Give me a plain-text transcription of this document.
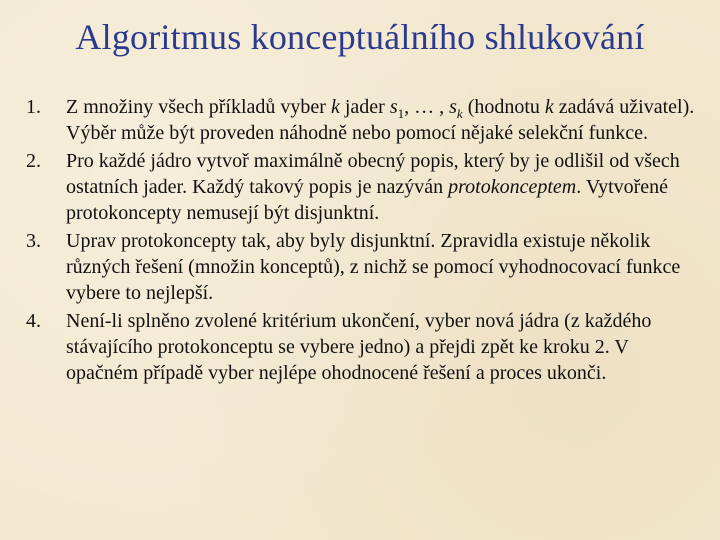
Algoritmus konceptuálního shlukování
1.	Z množiny všech příkladů vyber k jader $s_1$, … , $s_k$ (hodnotu k zadává uživatel). Výběr může být proveden náhodně nebo pomocí nějaké selekční funkce.
2.	Pro každé jádro vytvoř maximálně obecný popis, který by je odlišil od všech ostatních jader. Každý takový popis je nazýván protokonceptem. Vytvořené protokoncepty nemusejí být disjunktní.
3.	Uprav protokoncepty tak, aby byly disjunktní. Zpravidla existuje několik různých řešení (množin konceptů), z nichž se pomocí vyhodnocovací funkce vybere to nejlepší.
4.	Není-li splněno zvolené kritérium ukončení, vyber nová jádra (z každého stávajícího protokonceptu se vybere jedno) a přejdi zpět ke kroku 2. V opačném případě vyber nejlépe ohodnocené řešení a proces ukonči.
